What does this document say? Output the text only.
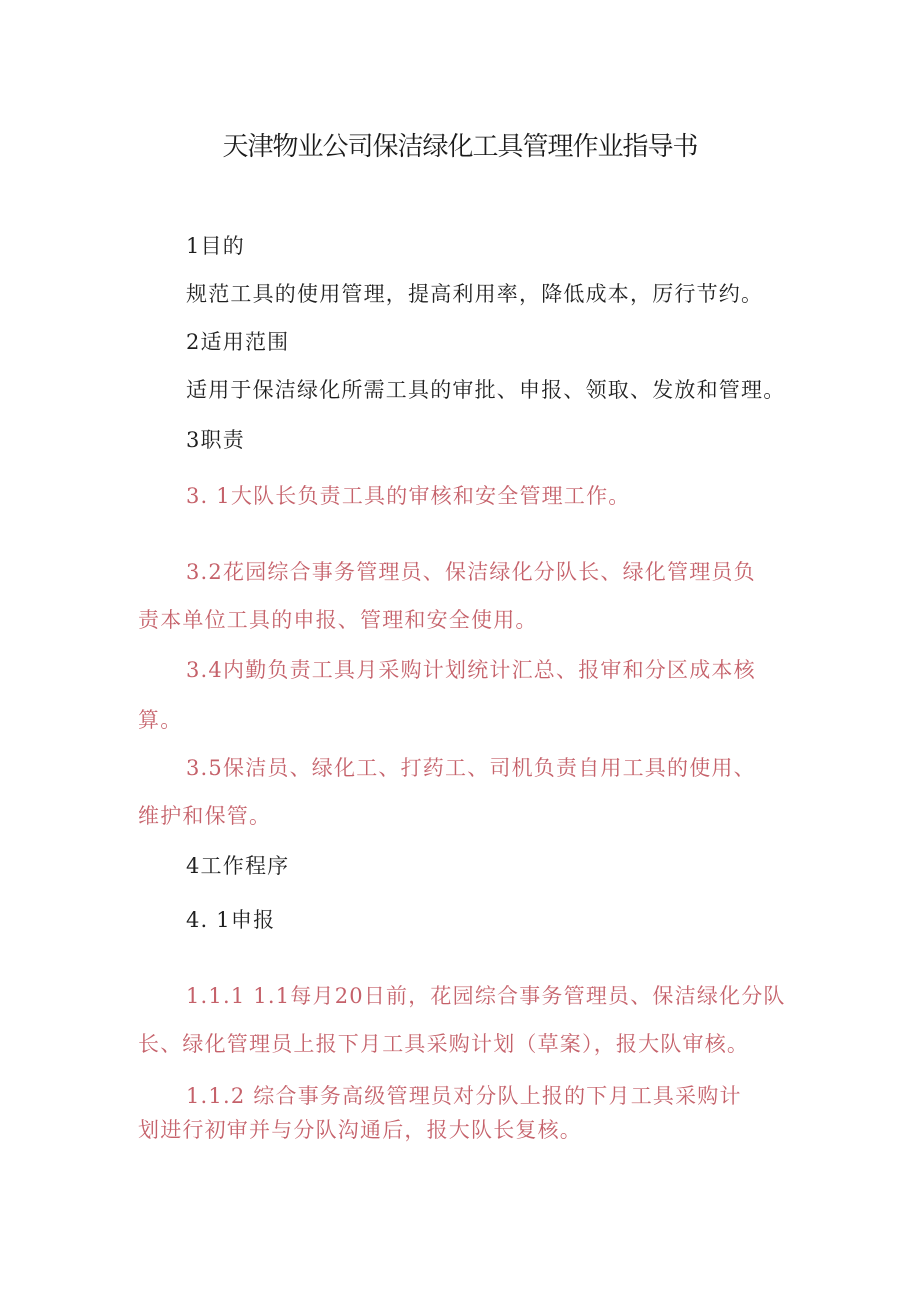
天津物业公司保洁绿化工具管理作业指导书
1目的
规范工具的使用管理，提高利用率，降低成本，厉行节约。
2适用范围
适用于保洁绿化所需工具的审批、申报、领取、发放和管理。
3职责
3. 1大队长负责工具的审核和安全管理工作。
3.2花园综合事务管理员、保洁绿化分队长、绿化管理员负
责本单位工具的申报、管理和安全使用。
3.4内勤负责工具月采购计划统计汇总、报审和分区成本核
算。
3.5保洁员、绿化工、打药工、司机负责自用工具的使用、
维护和保管。
4工作程序
4. 1申报
1.1.1 1.1每月20日前，花园综合事务管理员、保洁绿化分队
长、绿化管理员上报下月工具采购计划（草案），报大队审核。
1.1.2 综合事务高级管理员对分队上报的下月工具采购计
划进行初审并与分队沟通后，报大队长复核。
